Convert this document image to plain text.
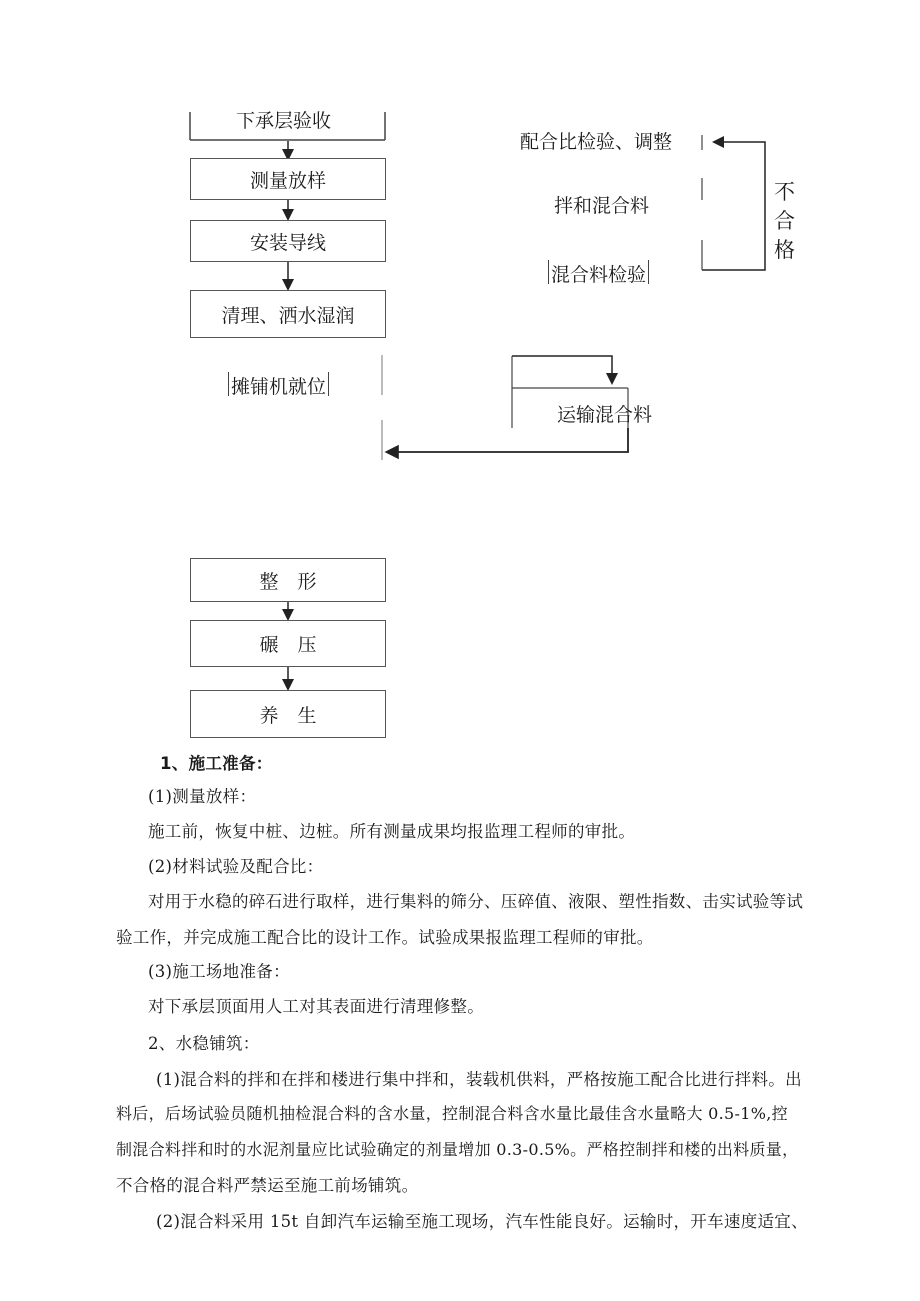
下承层验收
测量放样
安装导线
清理、洒水湿润
摊铺机就位
配合比检验、调整
拌和混合料
混合料检验
不
合
格
运输混合料
整　形
碾　压
养　生
1、施工准备：
(1)测量放样：
施工前，恢复中桩、边桩。所有测量成果均报监理工程师的审批。
(2)材料试验及配合比：
对用于水稳的碎石进行取样，进行集料的筛分、压碎值、液限、塑性指数、击实试验等试
验工作，并完成施工配合比的设计工作。试验成果报监理工程师的审批。
(3)施工场地准备：
对下承层顶面用人工对其表面进行清理修整。
2、水稳铺筑：
(1)混合料的拌和在拌和楼进行集中拌和，装载机供料，严格按施工配合比进行拌料。出
料后，后场试验员随机抽检混合料的含水量，控制混合料含水量比最佳含水量略大 0.5-1%,控
制混合料拌和时的水泥剂量应比试验确定的剂量增加 0.3-0.5%。严格控制拌和楼的出料质量，
不合格的混合料严禁运至施工前场铺筑。
(2)混合料采用 15t 自卸汽车运输至施工现场，汽车性能良好。运输时，开车速度适宜、
